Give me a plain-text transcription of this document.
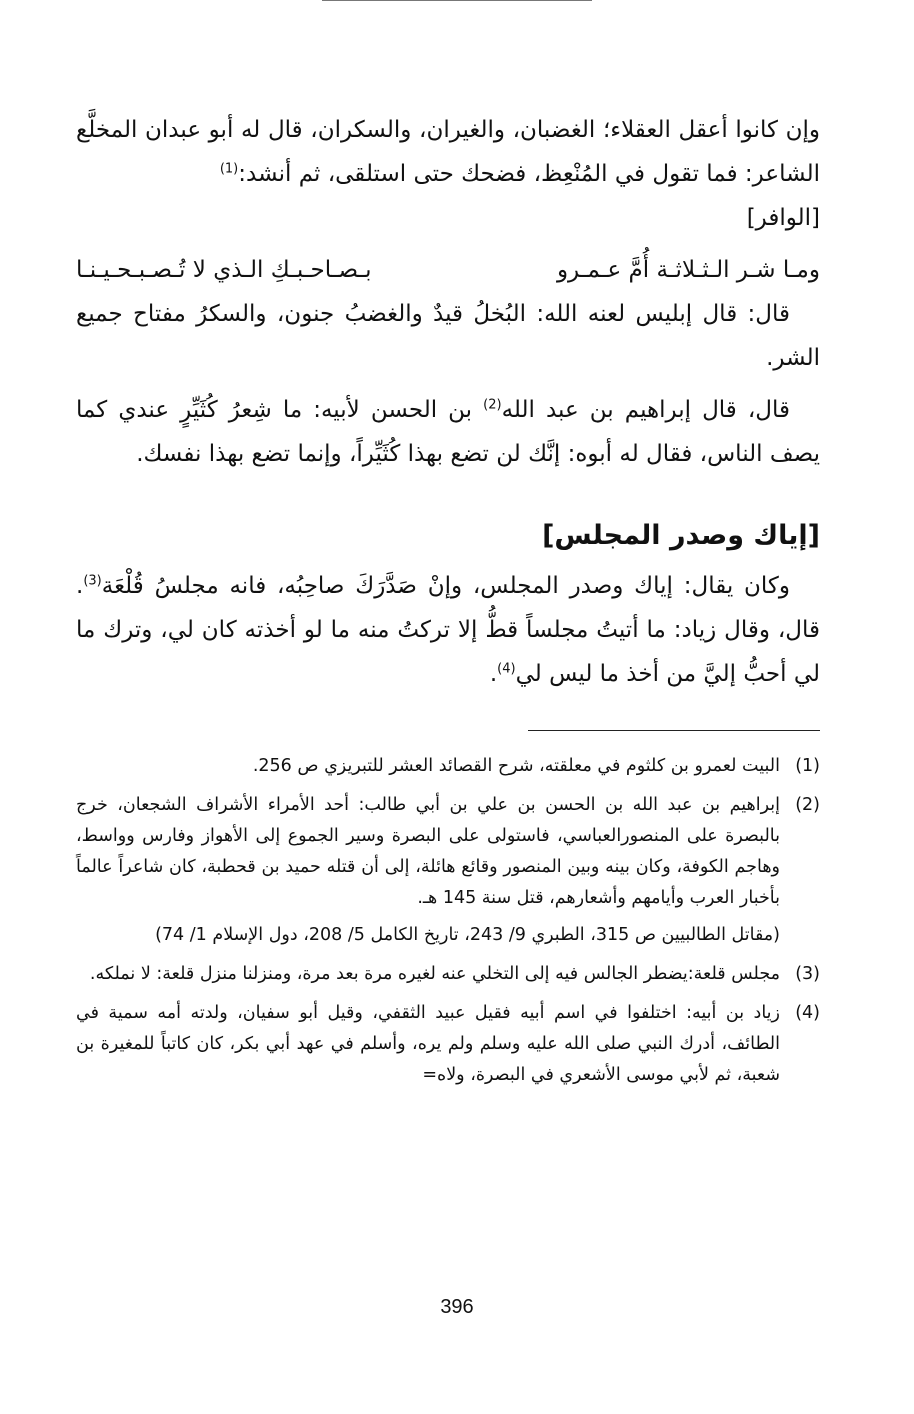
وإن كانوا أعقل العقلاء؛ الغضبان، والغيران، والسكران، قال له أبو عبدان المخلَّع الشاعر: فما تقول في المُنْعِظ، فضحك حتى استلقى، ثم أنشد:$^{(1)}$
[الوافر]

ومـا شـر الـثـلاثـة أُمَّ عـمـرو
بـصـاحـبـكِ الـذي لا تُـصـبـحـيـنـا

قال: قال إبليس لعنه الله: البُخلُ قيدٌ والغضبُ جنون، والسكرُ مفتاح جميع الشر.

قال، قال إبراهيم بن عبد الله$^{(2)}$ بن الحسن لأبيه: ما شِعرُ كُثَيِّرٍ عندي كما يصف الناس، فقال له أبوه: إنَّك لن تضع بهذا كُثَيِّراً، وإنما تضع بهذا نفسك.

[إياك وصدر المجلس]

وكان يقال: إياك وصدر المجلس، وإنْ صَدَّرَكَ صاحِبُه، فانه مجلسُ قُلْعَة$^{(3)}$. قال، وقال زياد: ما أتيتُ مجلساً قطُّ إلا تركتُ منه ما لو أخذته كان لي، وترك ما لي أحبُّ إليَّ من أخذ ما ليس لي$^{(4)}$.

(1)

البيت لعمرو بن كلثوم في معلقته، شرح القصائد العشر للتبريزي ص 256.

(2)

إبراهيم بن عبد الله بن الحسن بن علي بن أبي طالب: أحد الأمراء الأشراف الشجعان، خرج بالبصرة على المنصورالعباسي، فاستولى على البصرة وسير الجموع إلى الأهواز وفارس وواسط، وهاجم الكوفة، وكان بينه وبين المنصور وقائع هائلة، إلى أن قتله حميد بن قحطبة، كان شاعراً عالماً بأخبار العرب وأيامهم وأشعارهم، قتل سنة 145 هـ.

(مقاتل الطالبيين ص 315، الطبري 9/ 243، تاريخ الكامل 5/ 208، دول الإسلام 1/ 74)

(3)

مجلس قلعة:يضطر الجالس فيه إلى التخلي عنه لغيره مرة بعد مرة، ومنزلنا منزل قلعة: لا نملكه.

(4)

زياد بن أبيه: اختلفوا في اسم أبيه فقيل عبيد الثقفي، وقيل أبو سفيان، ولدته أمه سمية في الطائف، أدرك النبي صلى الله عليه وسلم ولم يره، وأسلم في عهد أبي بكر، كان كاتباً للمغيرة بن شعبة، ثم لأبي موسى الأشعري في البصرة، ولاه=

396
